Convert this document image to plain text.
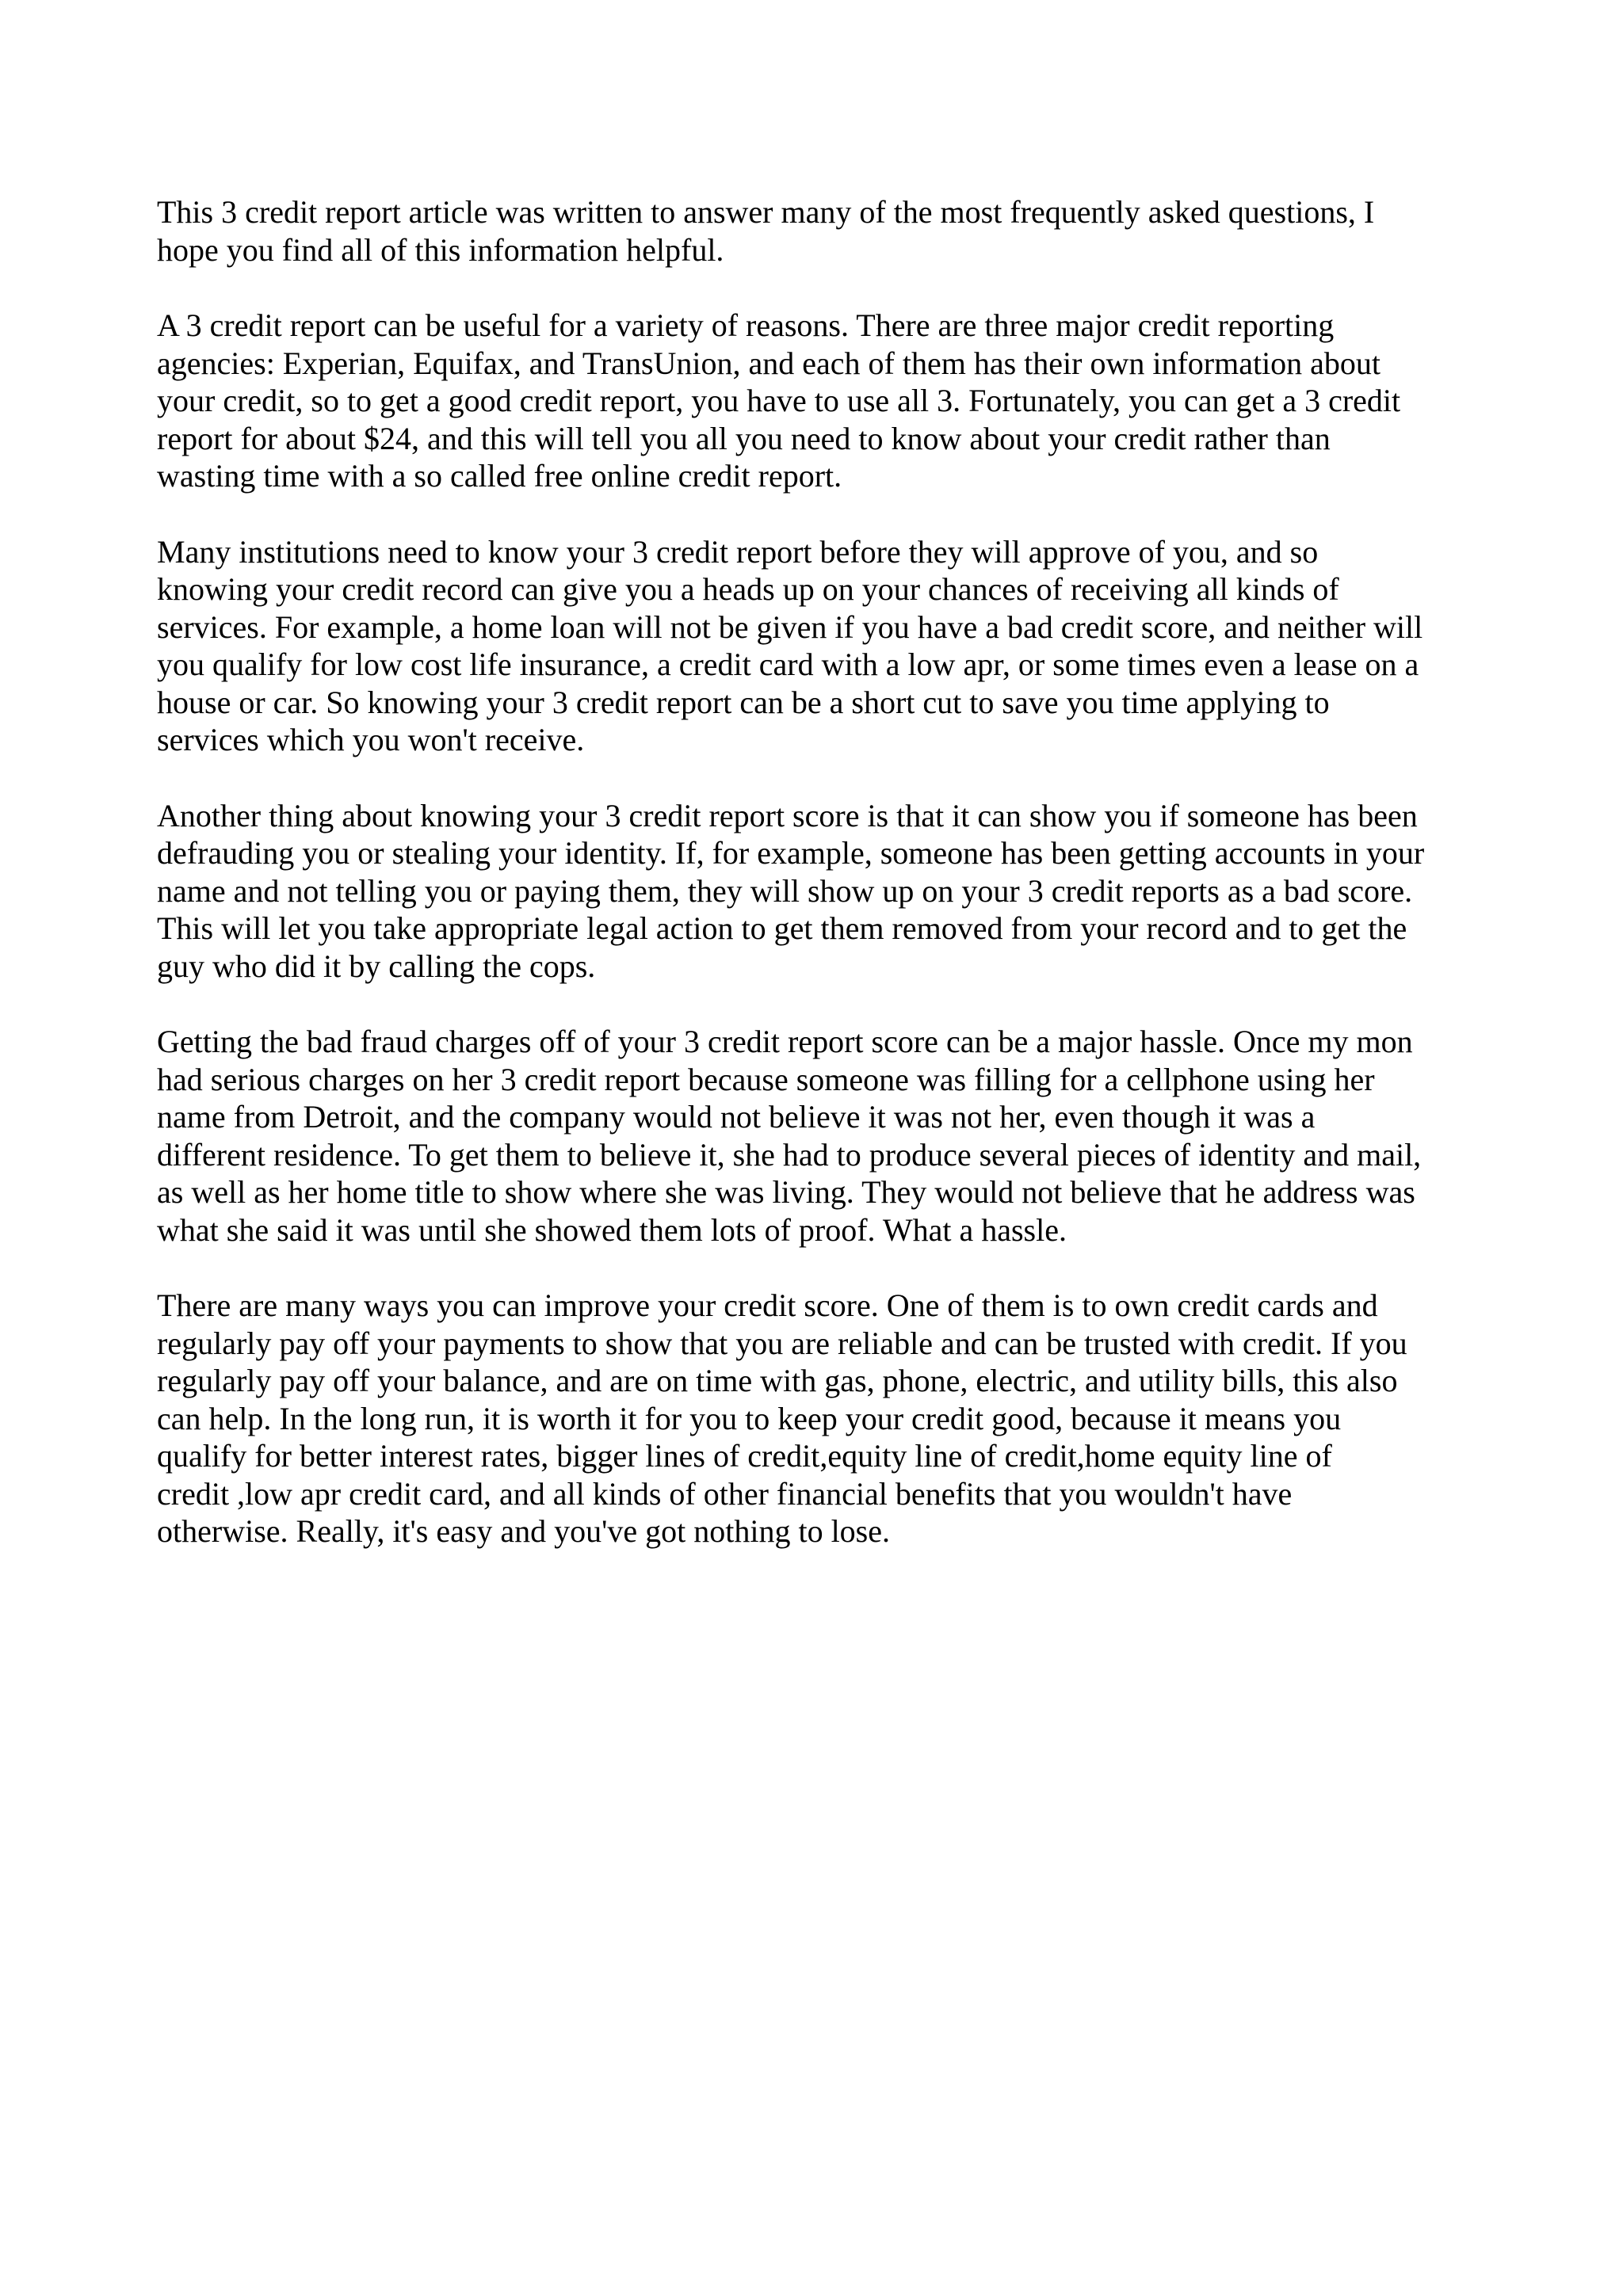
This 3 credit report article was written to answer many of the most frequently asked questions, I
hope you find all of this information helpful.

A 3 credit report can be useful for a variety of reasons. There are three major credit reporting
agencies: Experian, Equifax, and TransUnion, and each of them has their own information about
your credit, so to get a good credit report, you have to use all 3. Fortunately, you can get a 3 credit
report for about $24, and this will tell you all you need to know about your credit rather than
wasting time with a so called free online credit report.

Many institutions need to know your 3 credit report before they will approve of you, and so
knowing your credit record can give you a heads up on your chances of receiving all kinds of
services. For example, a home loan will not be given if you have a bad credit score, and neither will
you qualify for low cost life insurance, a credit card with a low apr, or some times even a lease on a
house or car. So knowing your 3 credit report can be a short cut to save you time applying to
services which you won't receive.

Another thing about knowing your 3 credit report score is that it can show you if someone has been
defrauding you or stealing your identity. If, for example, someone has been getting accounts in your
name and not telling you or paying them, they will show up on your 3 credit reports as a bad score.
This will let you take appropriate legal action to get them removed from your record and to get the
guy who did it by calling the cops.

Getting the bad fraud charges off of your 3 credit report score can be a major hassle. Once my mon
had serious charges on her 3 credit report because someone was filling for a cellphone using her
name from Detroit, and the company would not believe it was not her, even though it was a
different residence. To get them to believe it, she had to produce several pieces of identity and mail,
as well as her home title to show where she was living. They would not believe that he address was
what she said it was until she showed them lots of proof. What a hassle.

There are many ways you can improve your credit score. One of them is to own credit cards and
regularly pay off your payments to show that you are reliable and can be trusted with credit. If you
regularly pay off your balance, and are on time with gas, phone, electric, and utility bills, this also
can help. In the long run, it is worth it for you to keep your credit good, because it means you
qualify for better interest rates, bigger lines of credit,equity line of credit,home equity line of
credit ,low apr credit card, and all kinds of other financial benefits that you wouldn't have
otherwise. Really, it's easy and you've got nothing to lose.
